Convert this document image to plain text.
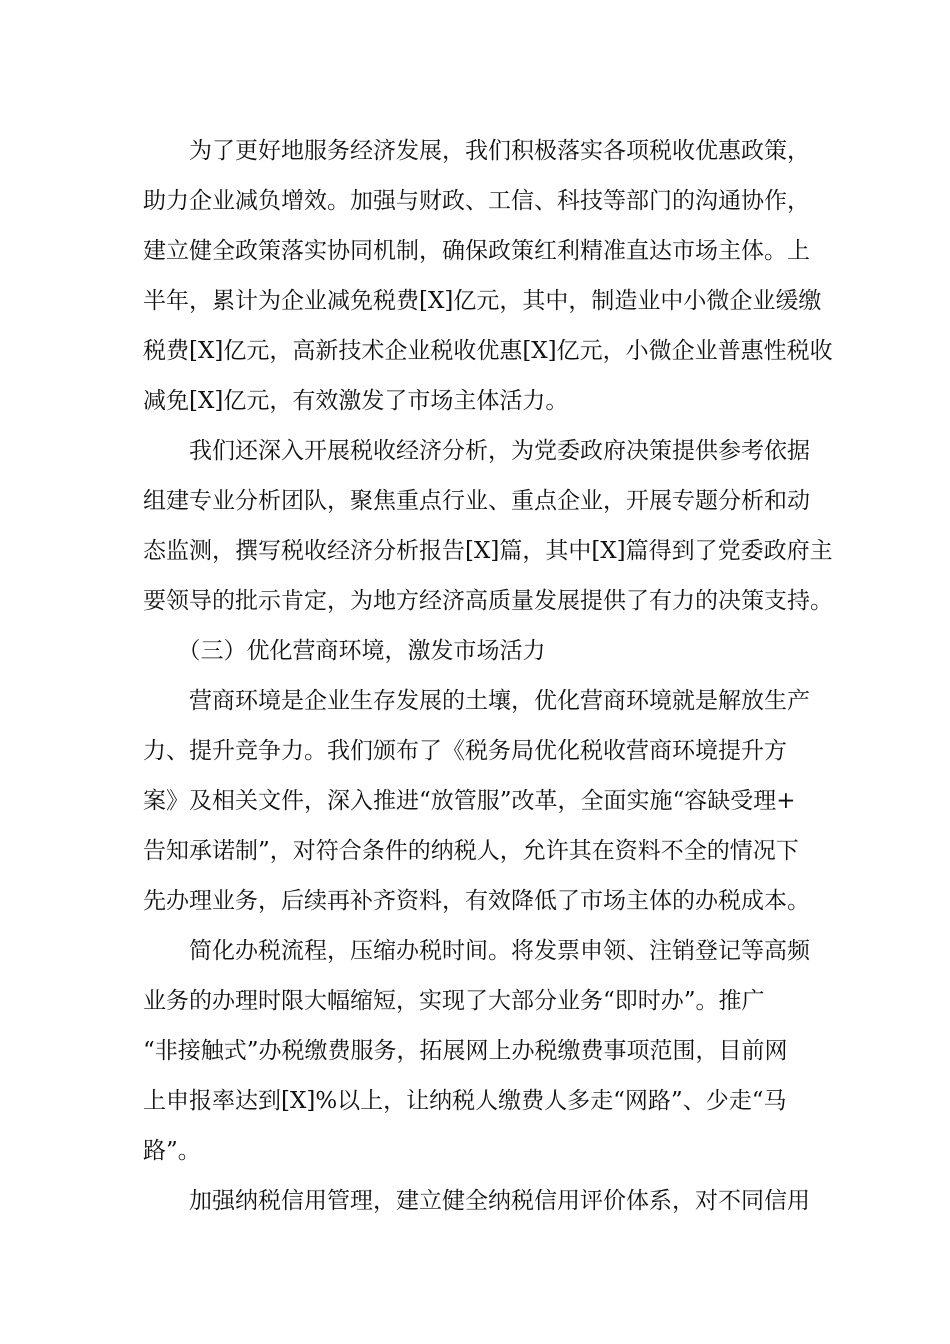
　　为了更好地服务经济发展，我们积极落实各项税收优惠政策，
助力企业减负增效。加强与财政、工信、科技等部门的沟通协作，
建立健全政策落实协同机制，确保政策红利精准直达市场主体。上
半年，累计为企业减免税费[X]亿元，其中，制造业中小微企业缓缴
税费[X]亿元，高新技术企业税收优惠[X]亿元，小微企业普惠性税收
减免[X]亿元，有效激发了市场主体活力。
　　我们还深入开展税收经济分析，为党委政府决策提供参考依据
组建专业分析团队，聚焦重点行业、重点企业，开展专题分析和动
态监测，撰写税收经济分析报告[X]篇，其中[X]篇得到了党委政府主
要领导的批示肯定，为地方经济高质量发展提供了有力的决策支持。
　　（三）优化营商环境，激发市场活力
　　营商环境是企业生存发展的土壤，优化营商环境就是解放生产
力、提升竞争力。我们颁布了《税务局优化税收营商环境提升方
案》及相关文件，深入推进“放管服”改革，全面实施“容缺受理+
告知承诺制”，对符合条件的纳税人，允许其在资料不全的情况下
先办理业务，后续再补齐资料，有效降低了市场主体的办税成本。
　　简化办税流程，压缩办税时间。将发票申领、注销登记等高频
业务的办理时限大幅缩短，实现了大部分业务“即时办”。推广
“非接触式”办税缴费服务，拓展网上办税缴费事项范围，目前网
上申报率达到[X]%以上，让纳税人缴费人多走“网路”、少走“马
路”。
　　加强纳税信用管理，建立健全纳税信用评价体系，对不同信用
